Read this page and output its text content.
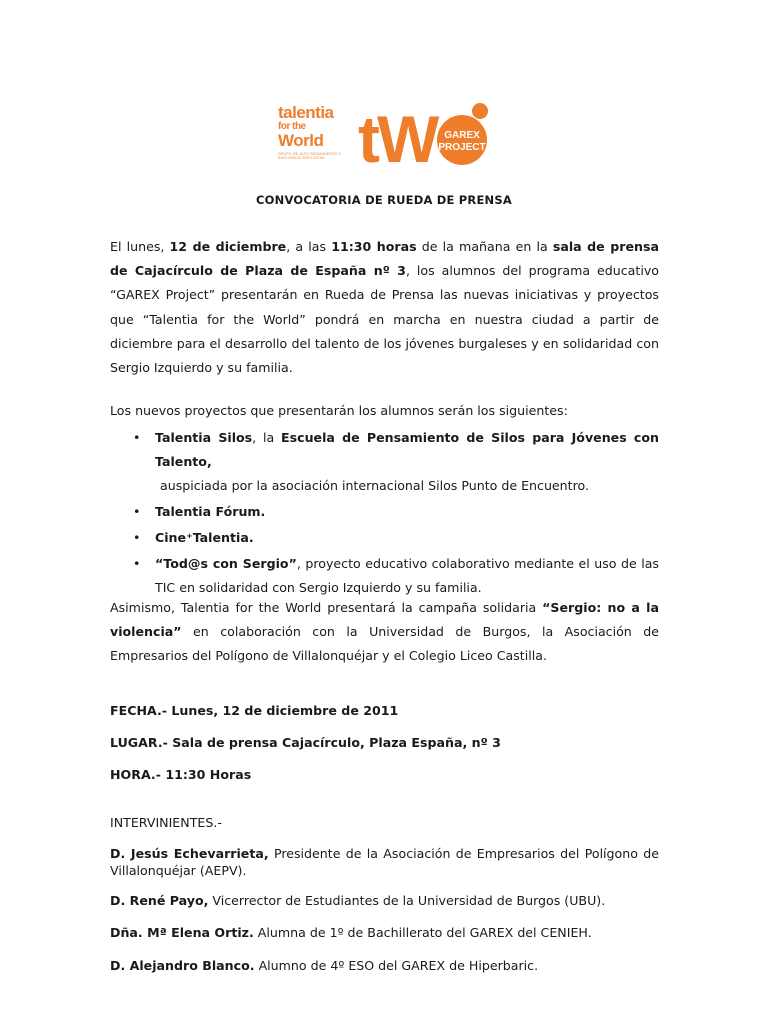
talentia
for the
World
GRUPO DE ALTO RENDIMIENTO Y EXCELENCIA EDUCATIVA tW GAREX
PROJECT
CONVOCATORIA DE RUEDA DE PRENSA

El lunes, 12 de diciembre, a las 11:30 horas de la mañana en la sala de prensa de Cajacírculo de Plaza de España nº 3, los alumnos del programa educativo “GAREX Project” presentarán en Rueda de Prensa las nuevas iniciativas y proyectos que “Talentia for the World” pondrá en marcha en nuestra ciudad a partir de diciembre para el desarrollo del talento de los jóvenes burgaleses y en solidaridad con Sergio Izquierdo y su familia.

Los nuevos proyectos que presentarán los alumnos serán los siguientes:

• Talentia Silos, la Escuela de Pensamiento de Silos para Jóvenes con Talento,
auspiciada por la asociación internacional Silos Punto de Encuentro.
• Talentia Fórum.
• Cine⁺Talentia.
• “Tod@s con Sergio”, proyecto educativo colaborativo mediante el uso de las TIC en solidaridad con Sergio Izquierdo y su familia.

Asimismo, Talentia for the World presentará la campaña solidaria “Sergio: no a la violencia” en colaboración con la Universidad de Burgos, la Asociación de Empresarios del Polígono de Villalonquéjar y el Colegio Liceo Castilla.

FECHA.- Lunes, 12 de diciembre de 2011

LUGAR.- Sala de prensa Cajacírculo, Plaza España, nº 3

HORA.- 11:30 Horas

INTERVINIENTES.-

D. Jesús Echevarrieta, Presidente de la Asociación de Empresarios del Polígono de Villalonquéjar (AEPV).

D. René Payo, Vicerrector de Estudiantes de la Universidad de Burgos (UBU).

Dña. Mª Elena Ortiz. Alumna de 1º de Bachillerato del GAREX del CENIEH.

D. Alejandro Blanco. Alumno de 4º ESO del GAREX de Hiperbaric.
